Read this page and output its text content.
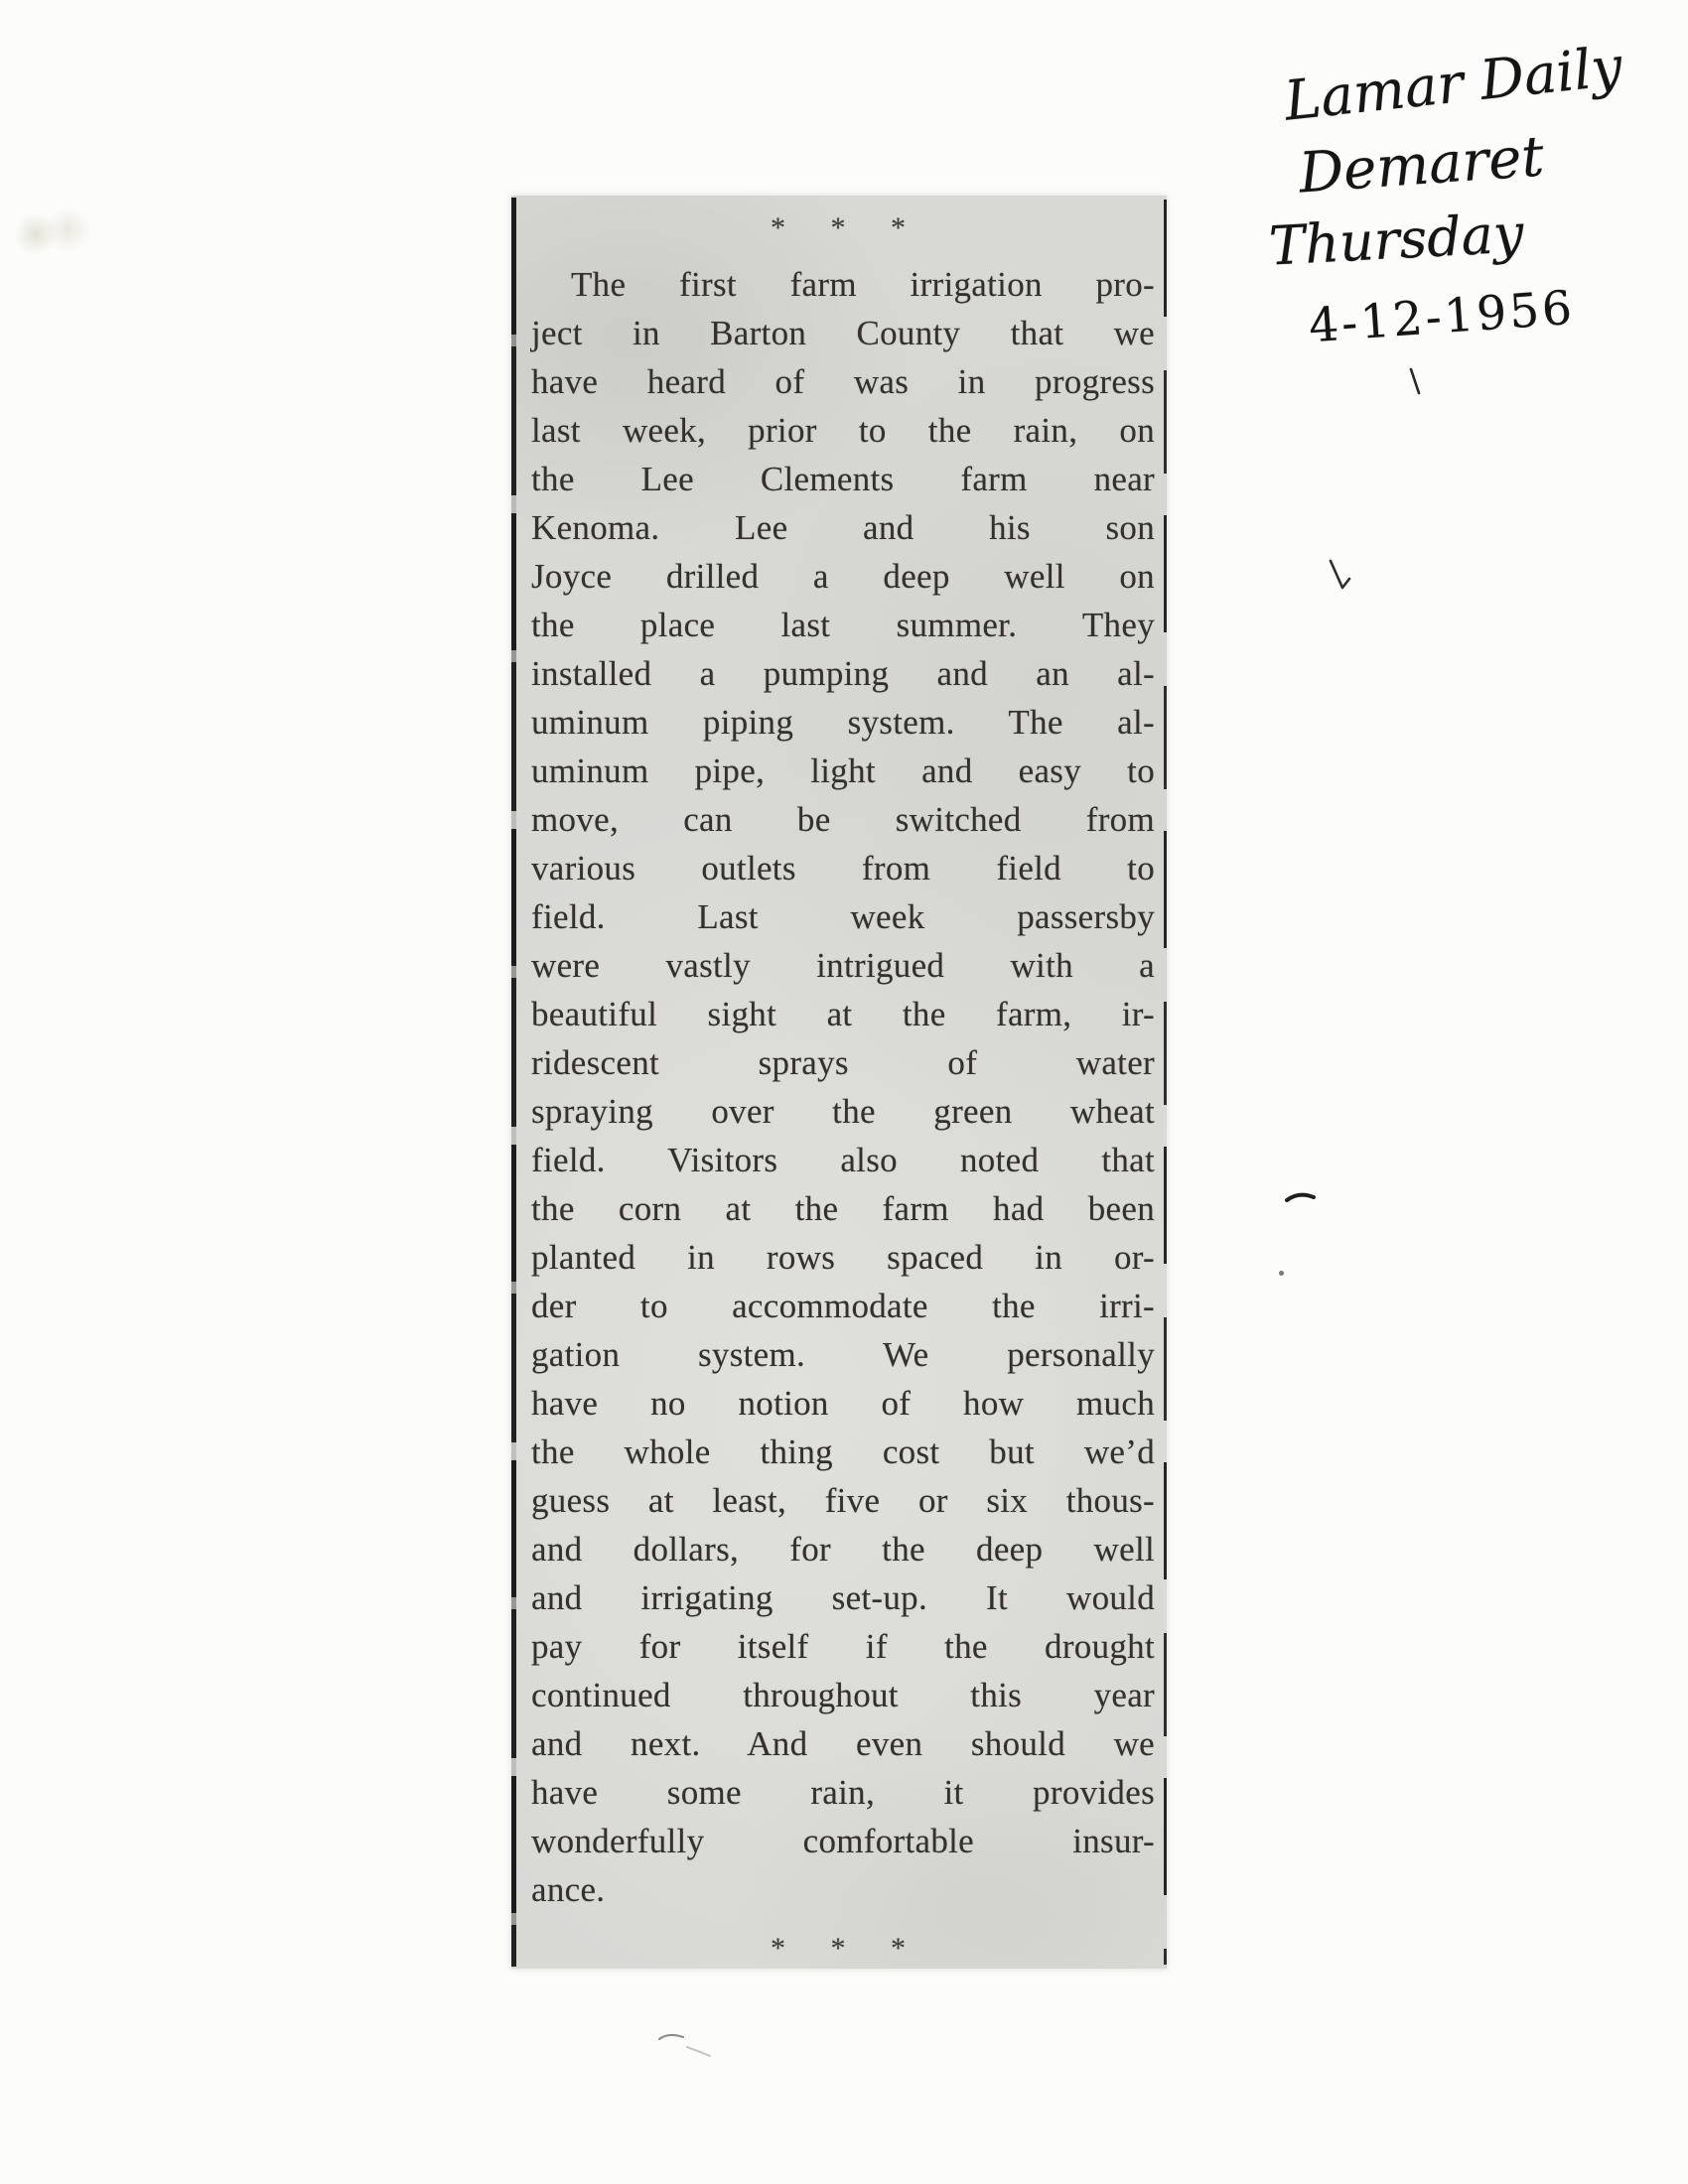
* * *
The first farm irrigation pro-
ject in Barton County that we
have heard of was in progress
last week, prior to the rain, on
the Lee Clements farm near
Kenoma. Lee and his son
Joyce drilled a deep well on
the place last summer. They
installed a pumping and an al-
uminum piping system. The al-
uminum pipe, light and easy to
move, can be switched from
various outlets from field to
field. Last week passersby
were vastly intrigued with a
beautiful sight at the farm, ir-
ridescent sprays of water
spraying over the green wheat
field. Visitors also noted that
the corn at the farm had been
planted in rows spaced in or-
der to accommodate the irri-
gation system. We personally
have no notion of how much
the whole thing cost but we’d
guess at least, five or six thous-
and dollars, for the deep well
and irrigating set-up. It would
pay for itself if the drought
continued throughout this year
and next. And even should we
have some rain, it provides
wonderfully comfortable insur-
ance.
* * *
Lamar Daily
Demaret
Thursday
4-12-1956
